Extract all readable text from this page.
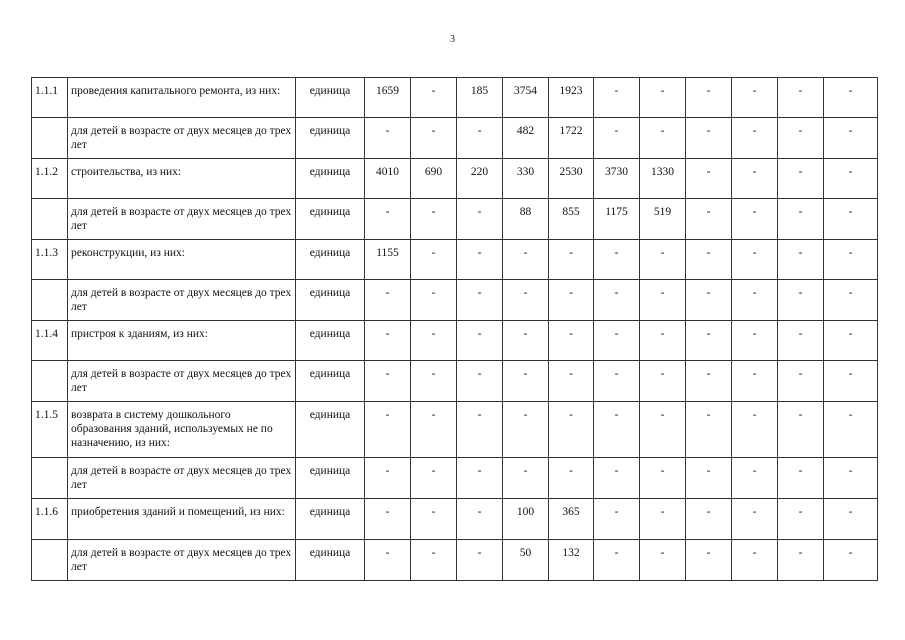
3
1.1.1	проведения капитального ремонта, из них:	единица	1659	-	185	3754	1923	-	-	-	-	-	-
	для детей в возрасте от двух месяцев до трех лет	единица	-	-	-	482	1722	-	-	-	-	-	-
1.1.2	строительства, из них:	единица	4010	690	220	330	2530	3730	1330	-	-	-	-
	для детей в возрасте от двух месяцев до трех лет	единица	-	-	-	88	855	1175	519	-	-	-	-
1.1.3	реконструкции, из них:	единица	1155	-	-	-	-	-	-	-	-	-	-
	для детей в возрасте от двух месяцев до трех лет	единица	-	-	-	-	-	-	-	-	-	-	-
1.1.4	пристроя к зданиям, из них:	единица	-	-	-	-	-	-	-	-	-	-	-
	для детей в возрасте от двух месяцев до трех лет	единица	-	-	-	-	-	-	-	-	-	-	-
1.1.5	возврата в систему дошкольного образования зданий, используемых не по назначению, из них:	единица	-	-	-	-	-	-	-	-	-	-	-
	для детей в возрасте от двух месяцев до трех лет	единица	-	-	-	-	-	-	-	-	-	-	-
1.1.6	приобретения зданий и помещений, из них:	единица	-	-	-	100	365	-	-	-	-	-	-
	для детей в возрасте от двух месяцев до трех лет	единица	-	-	-	50	132	-	-	-	-	-	-
